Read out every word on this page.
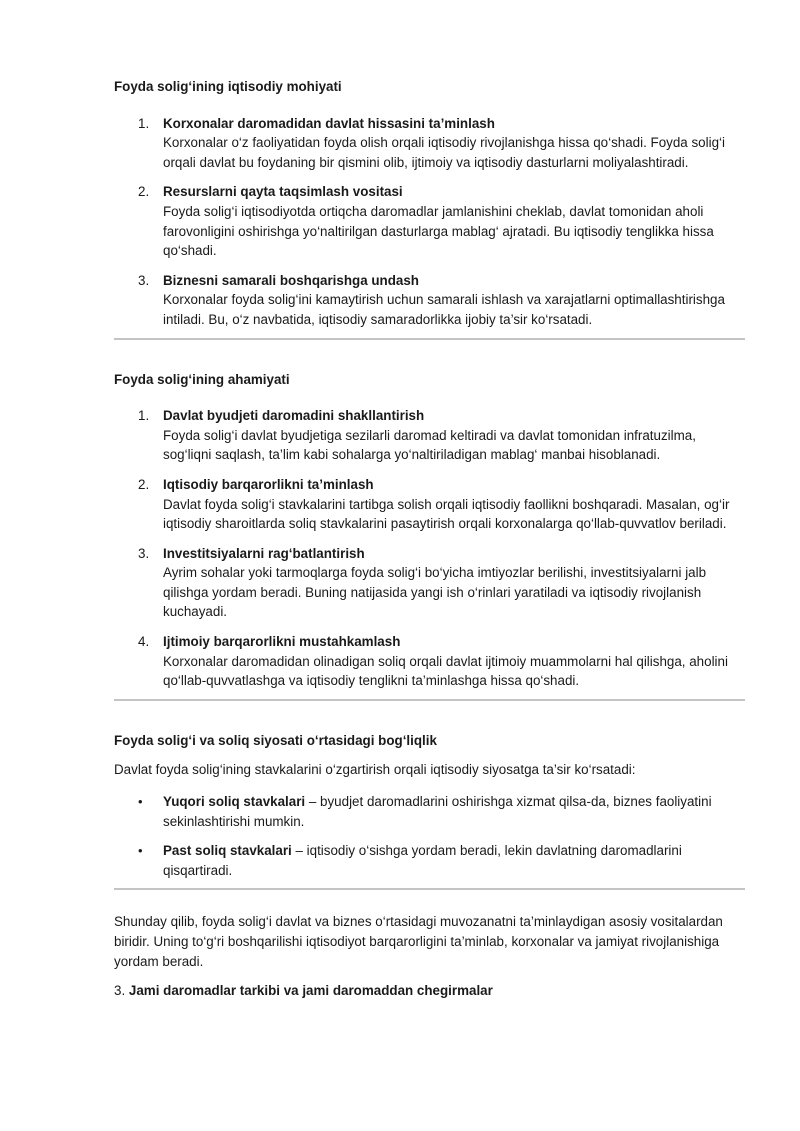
Foyda solig‘ining iqtisodiy mohiyati

1. Korxonalar daromadidan davlat hissasini ta’minlash
Korxonalar o‘z faoliyatidan foyda olish orqali iqtisodiy rivojlanishga hissa qo‘shadi. Foyda solig‘i orqali davlat bu foydaning bir qismini olib, ijtimoiy va iqtisodiy dasturlarni moliyalashtiradi.
2. Resurslarni qayta taqsimlash vositasi
Foyda solig‘i iqtisodiyotda ortiqcha daromadlar jamlanishini cheklab, davlat tomonidan aholi farovonligini oshirishga yo‘naltirilgan dasturlarga mablag‘ ajratadi. Bu iqtisodiy tenglikka hissa qo‘shadi.
3. Biznesni samarali boshqarishga undash
Korxonalar foyda solig‘ini kamaytirish uchun samarali ishlash va xarajatlarni optimallashtirishga intiladi. Bu, o‘z navbatida, iqtisodiy samaradorlikka ijobiy ta’sir ko‘rsatadi.

Foyda solig‘ining ahamiyati

1. Davlat byudjeti daromadini shakllantirish
Foyda solig‘i davlat byudjetiga sezilarli daromad keltiradi va davlat tomonidan infratuzilma, sog‘liqni saqlash, ta’lim kabi sohalarga yo‘naltiriladigan mablag‘ manbai hisoblanadi.
2. Iqtisodiy barqarorlikni ta’minlash
Davlat foyda solig‘i stavkalarini tartibga solish orqali iqtisodiy faollikni boshqaradi. Masalan, og‘ir iqtisodiy sharoitlarda soliq stavkalarini pasaytirish orqali korxonalarga qo‘llab-quvvatlov beriladi.
3. Investitsiyalarni rag‘batlantirish
Ayrim sohalar yoki tarmoqlarga foyda solig‘i bo‘yicha imtiyozlar berilishi, investitsiyalarni jalb qilishga yordam beradi. Buning natijasida yangi ish o‘rinlari yaratiladi va iqtisodiy rivojlanish kuchayadi.
4. Ijtimoiy barqarorlikni mustahkamlash
Korxonalar daromadidan olinadigan soliq orqali davlat ijtimoiy muammolarni hal qilishga, aholini qo‘llab-quvvatlashga va iqtisodiy tenglikni ta’minlashga hissa qo‘shadi.

Foyda solig‘i va soliq siyosati o‘rtasidagi bog‘liqlik

Davlat foyda solig‘ining stavkalarini o‘zgartirish orqali iqtisodiy siyosatga ta’sir ko‘rsatadi:

• Yuqori soliq stavkalari – byudjet daromadlarini oshirishga xizmat qilsa-da, biznes faoliyatini sekinlashtirishi mumkin.
• Past soliq stavkalari – iqtisodiy o‘sishga yordam beradi, lekin davlatning daromadlarini qisqartiradi.

Shunday qilib, foyda solig‘i davlat va biznes o‘rtasidagi muvozanatni ta’minlaydigan asosiy vositalardan biridir. Uning to‘g‘ri boshqarilishi iqtisodiyot barqarorligini ta’minlab, korxonalar va jamiyat rivojlanishiga yordam beradi.

3. Jami daromadlar tarkibi va jami daromaddan chegirmalar
